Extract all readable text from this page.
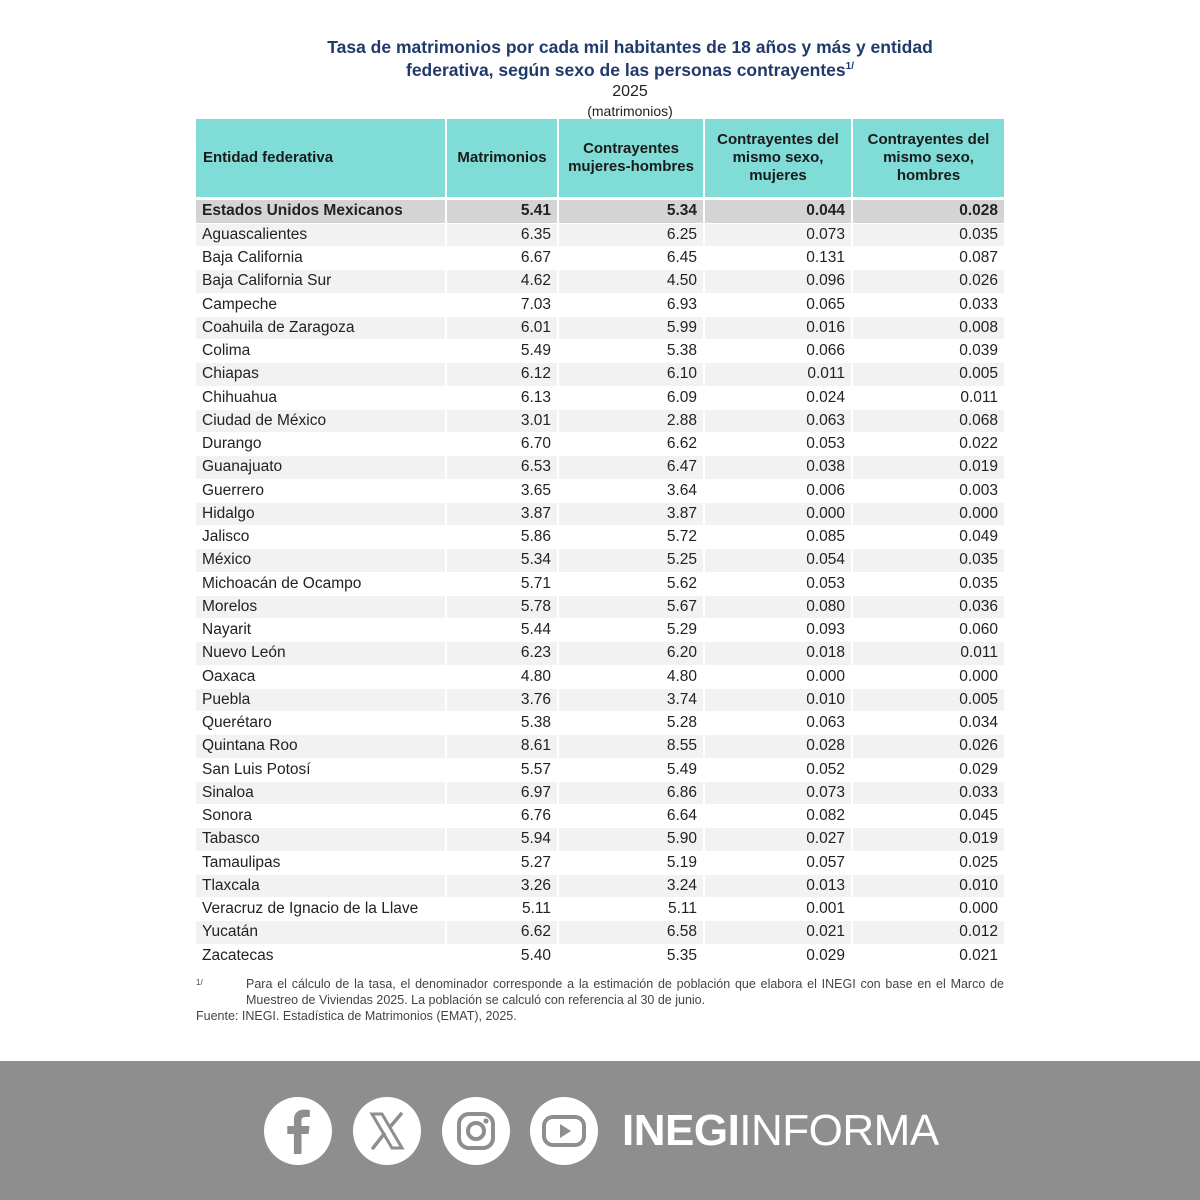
Tasa de matrimonios por cada mil habitantes de 18 años y más y entidad
federativa, según sexo de las personas contrayentes$^{1/}$
2025
(matrimonios)
Entidad federativa	Matrimonios	Contrayentes mujeres-hombres	Contrayentes del mismo sexo, mujeres	Contrayentes del mismo sexo, hombres

Estados Unidos Mexicanos	5.41	5.34	0.044	0.028
Aguascalientes	6.35	6.25	0.073	0.035
Baja California	6.67	6.45	0.131	0.087
Baja California Sur	4.62	4.50	0.096	0.026
Campeche	7.03	6.93	0.065	0.033
Coahuila de Zaragoza	6.01	5.99	0.016	0.008
Colima	5.49	5.38	0.066	0.039
Chiapas	6.12	6.10	0.011	0.005
Chihuahua	6.13	6.09	0.024	0.011
Ciudad de México	3.01	2.88	0.063	0.068
Durango	6.70	6.62	0.053	0.022
Guanajuato	6.53	6.47	0.038	0.019
Guerrero	3.65	3.64	0.006	0.003
Hidalgo	3.87	3.87	0.000	0.000
Jalisco	5.86	5.72	0.085	0.049
México	5.34	5.25	0.054	0.035
Michoacán de Ocampo	5.71	5.62	0.053	0.035
Morelos	5.78	5.67	0.080	0.036
Nayarit	5.44	5.29	0.093	0.060
Nuevo León	6.23	6.20	0.018	0.011
Oaxaca	4.80	4.80	0.000	0.000
Puebla	3.76	3.74	0.010	0.005
Querétaro	5.38	5.28	0.063	0.034
Quintana Roo	8.61	8.55	0.028	0.026
San Luis Potosí	5.57	5.49	0.052	0.029
Sinaloa	6.97	6.86	0.073	0.033
Sonora	6.76	6.64	0.082	0.045
Tabasco	5.94	5.90	0.027	0.019
Tamaulipas	5.27	5.19	0.057	0.025
Tlaxcala	3.26	3.24	0.013	0.010
Veracruz de Ignacio de la Llave	5.11	5.11	0.001	0.000
Yucatán	6.62	6.58	0.021	0.012
Zacatecas	5.40	5.35	0.029	0.021
1/	Para el cálculo de la tasa, el denominador corresponde a la estimación de población que elabora el INEGI con base en el Marco de Muestreo de Viviendas 2025. La población se calculó con referencia al 30 de junio.
Fuente: INEGI. Estadística de Matrimonios (EMAT), 2025.
INEGIINFORMA
